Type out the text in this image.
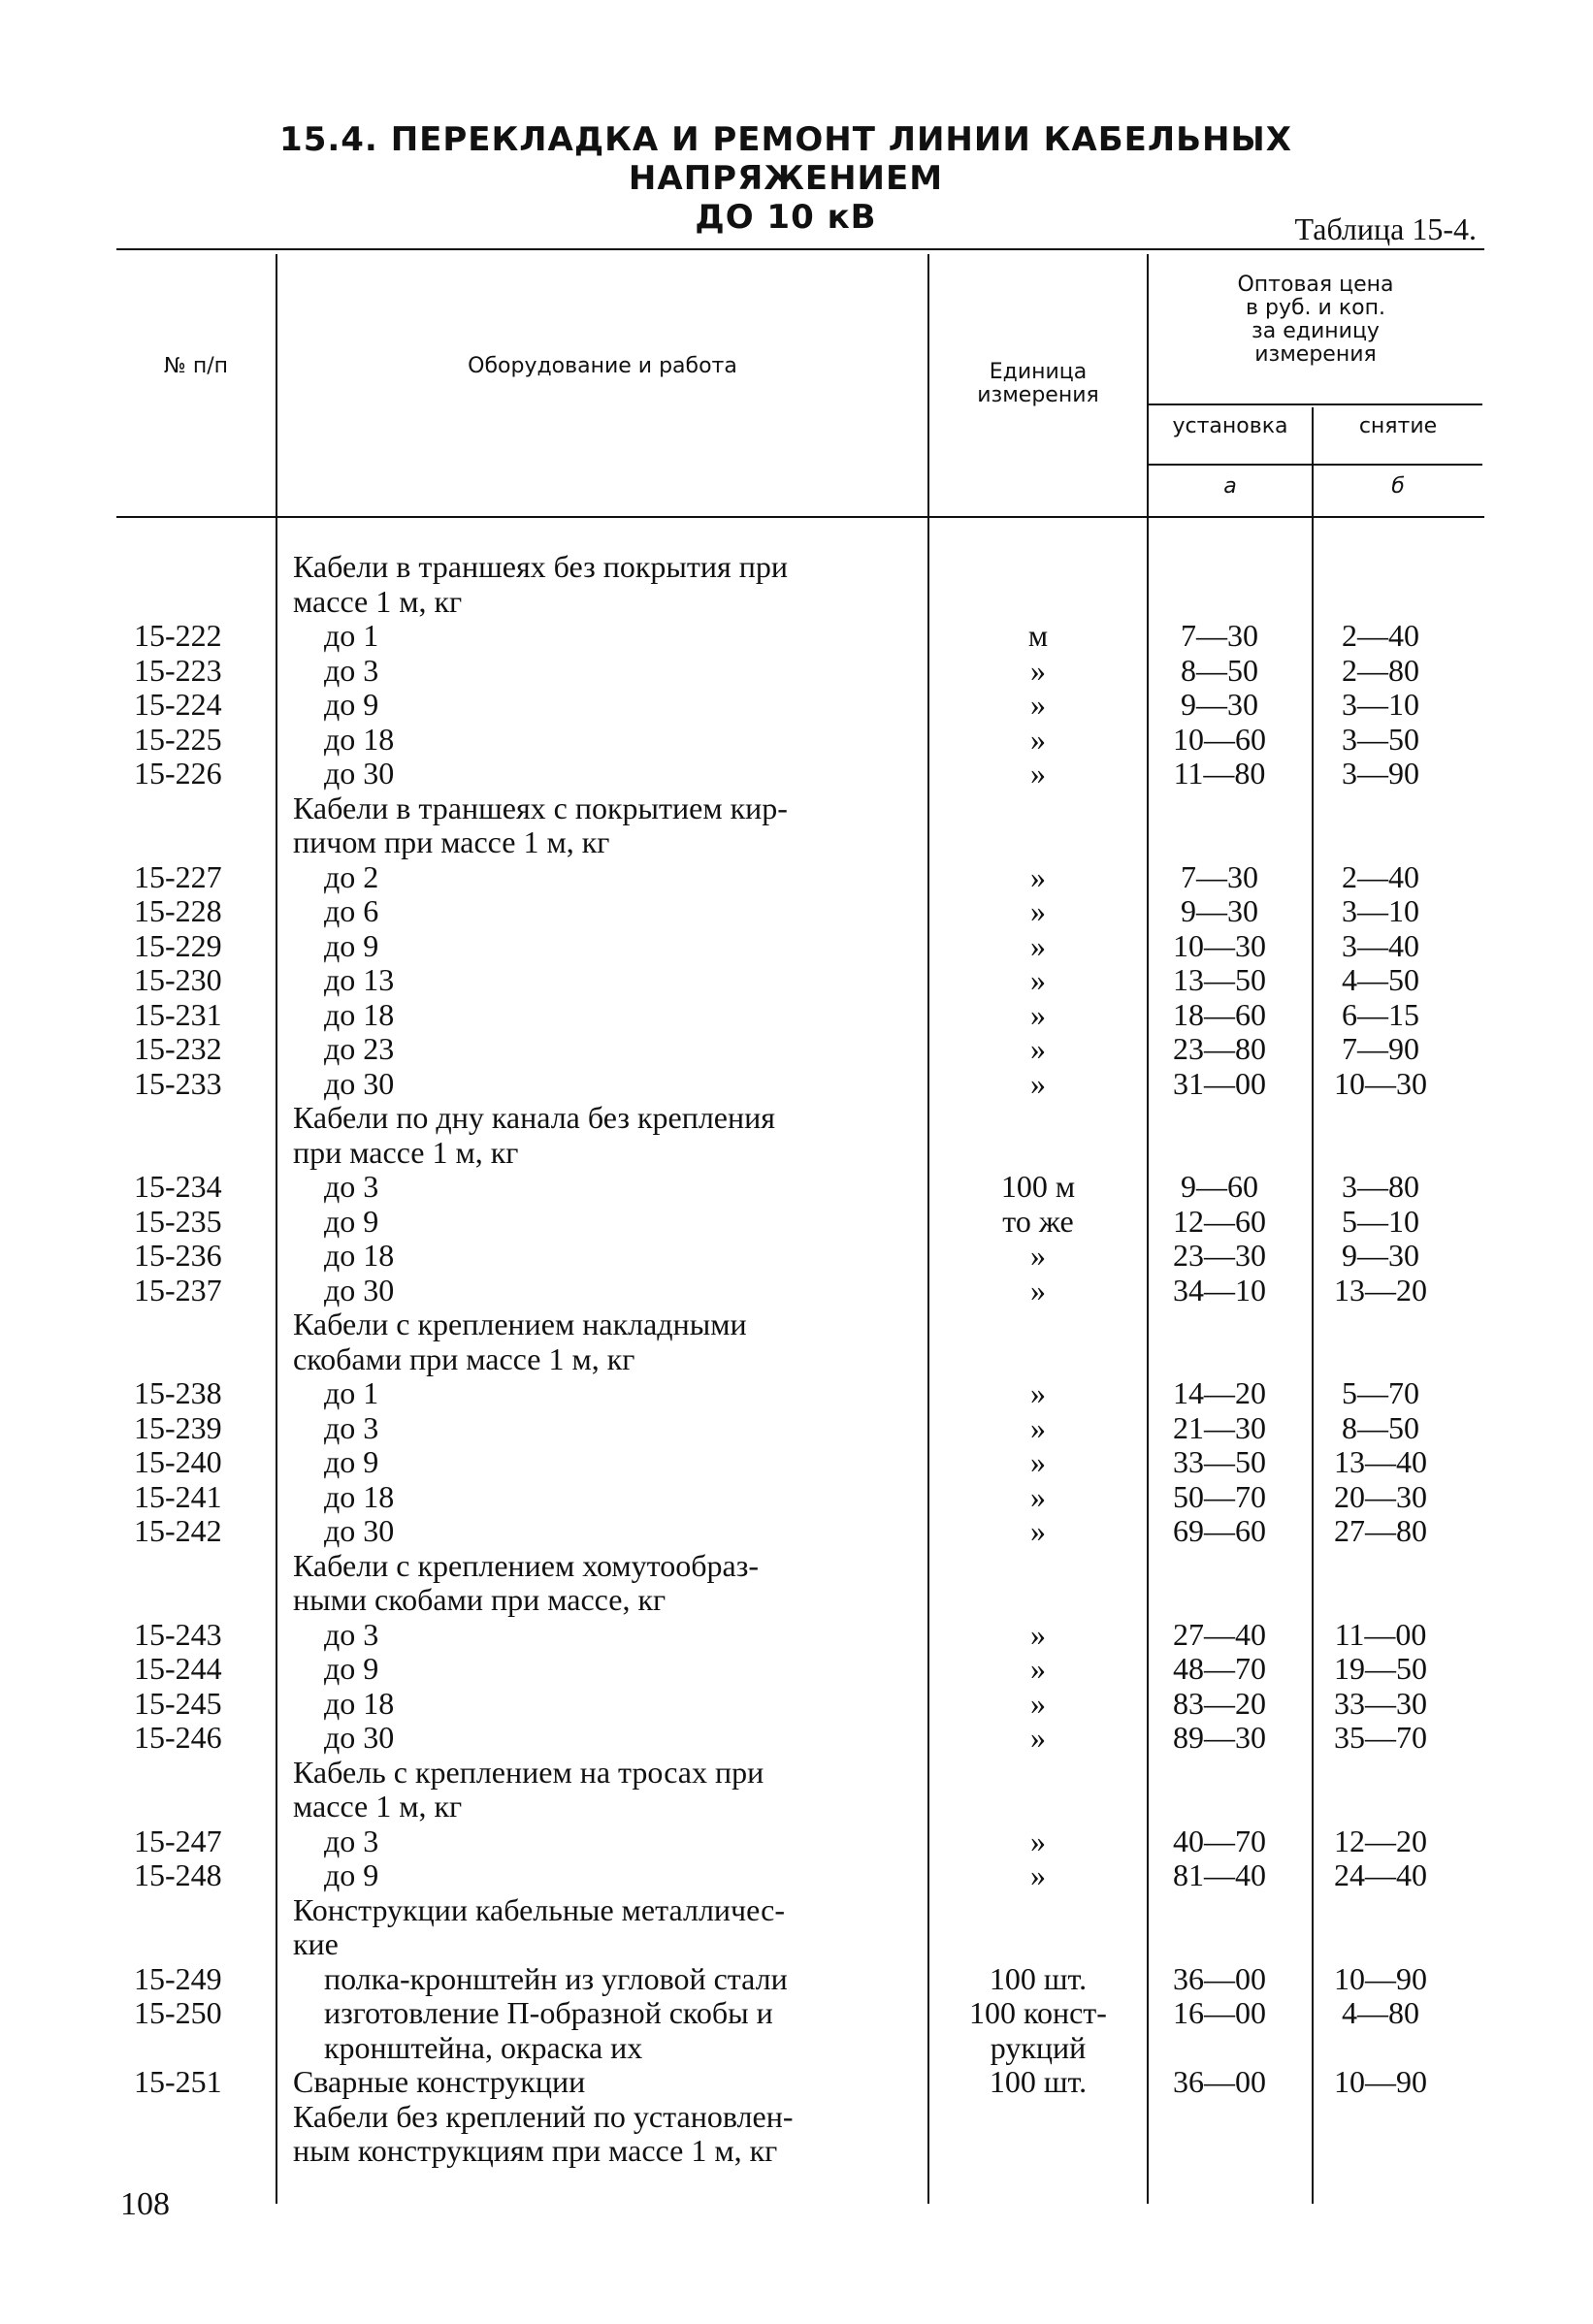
15.4. ПЕРЕКЛАДКА И РЕМОНТ ЛИНИИ КАБЕЛЬНЫХ НАПРЯЖЕНИЕМ
ДО 10 кВ	Таблица 15-4.
№ п/п	Оборудование и работа	Единица
измерения
Оптовая цена
в руб. и коп.
за единицу
измерения
установка	снятие
а	б
Кабели в траншеях без покрытия при
массе 1 м, кг
15-222	до 1	м	7—30	2—40
15-223	до 3	»	8—50	2—80
15-224	до 9	»	9—30	3—10
15-225	до 18	»	10—60	3—50
15-226	до 30	»	11—80	3—90
Кабели в траншеях с покрытием кир-
пичом при массе 1 м, кг
15-227	до 2	»	7—30	2—40
15-228	до 6	»	9—30	3—10
15-229	до 9	»	10—30	3—40
15-230	до 13	»	13—50	4—50
15-231	до 18	»	18—60	6—15
15-232	до 23	»	23—80	7—90
15-233	до 30	»	31—00	10—30
Кабели по дну канала без крепления
при массе 1 м, кг
15-234	до 3	100 м	9—60	3—80
15-235	до 9	то же	12—60	5—10
15-236	до 18	»	23—30	9—30
15-237	до 30	»	34—10	13—20
Кабели с креплением накладными
скобами при массе 1 м, кг
15-238	до 1	»	14—20	5—70
15-239	до 3	»	21—30	8—50
15-240	до 9	»	33—50	13—40
15-241	до 18	»	50—70	20—30
15-242	до 30	»	69—60	27—80
Кабели с креплением хомутообраз-
ными скобами при массе, кг
15-243	до 3	»	27—40	11—00
15-244	до 9	»	48—70	19—50
15-245	до 18	»	83—20	33—30
15-246	до 30	»	89—30	35—70
Кабель с креплением на тросах при
массе 1 м, кг
15-247	до 3	»	40—70	12—20
15-248	до 9	»	81—40	24—40
Конструкции кабельные металличес-
кие
15-249	полка-кронштейн из угловой стали	100 шт.	36—00	10—90
15-250	изготовление П-образной скобы и	100 конст-	16—00	4—80
кронштейна, окраска их	рукций
15-251 Сварные конструкции	100 шт.	36—00	10—90
Кабели без креплений по установлен-
ным конструкциям при массе 1 м, кг
108
